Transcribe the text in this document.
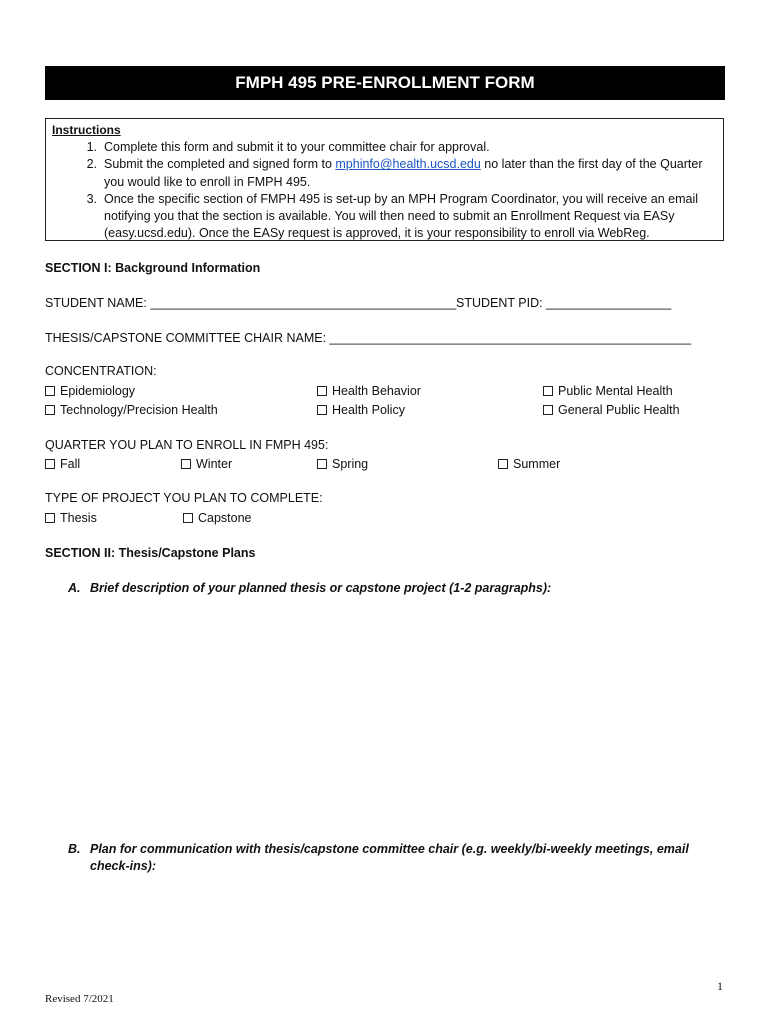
FMPH 495 PRE-ENROLLMENT FORM
Instructions
1. Complete this form and submit it to your committee chair for approval.
2. Submit the completed and signed form to mphinfo@health.ucsd.edu no later than the first day of the Quarter you would like to enroll in FMPH 495.
3. Once the specific section of FMPH 495 is set-up by an MPH Program Coordinator, you will receive an email notifying you that the section is available. You will then need to submit an Enrollment Request via EASy (easy.ucsd.edu). Once the EASy request is approved, it is your responsibility to enroll via WebReg.
SECTION I: Background Information
STUDENT NAME: ____________________________________________ STUDENT PID: __________________
THESIS/CAPSTONE COMMITTEE CHAIR NAME: ____________________________________________________
CONCENTRATION:
Epidemiology	Health Behavior	Public Mental Health
Technology/Precision Health	Health Policy	General Public Health
QUARTER YOU PLAN TO ENROLL IN FMPH 495:
Fall	Winter	Spring	Summer
TYPE OF PROJECT YOU PLAN TO COMPLETE:
Thesis	Capstone
SECTION II: Thesis/Capstone Plans
A. Brief description of your planned thesis or capstone project (1-2 paragraphs):
B. Plan for communication with thesis/capstone committee chair (e.g. weekly/bi-weekly meetings, email check-ins):
1
Revised 7/2021
